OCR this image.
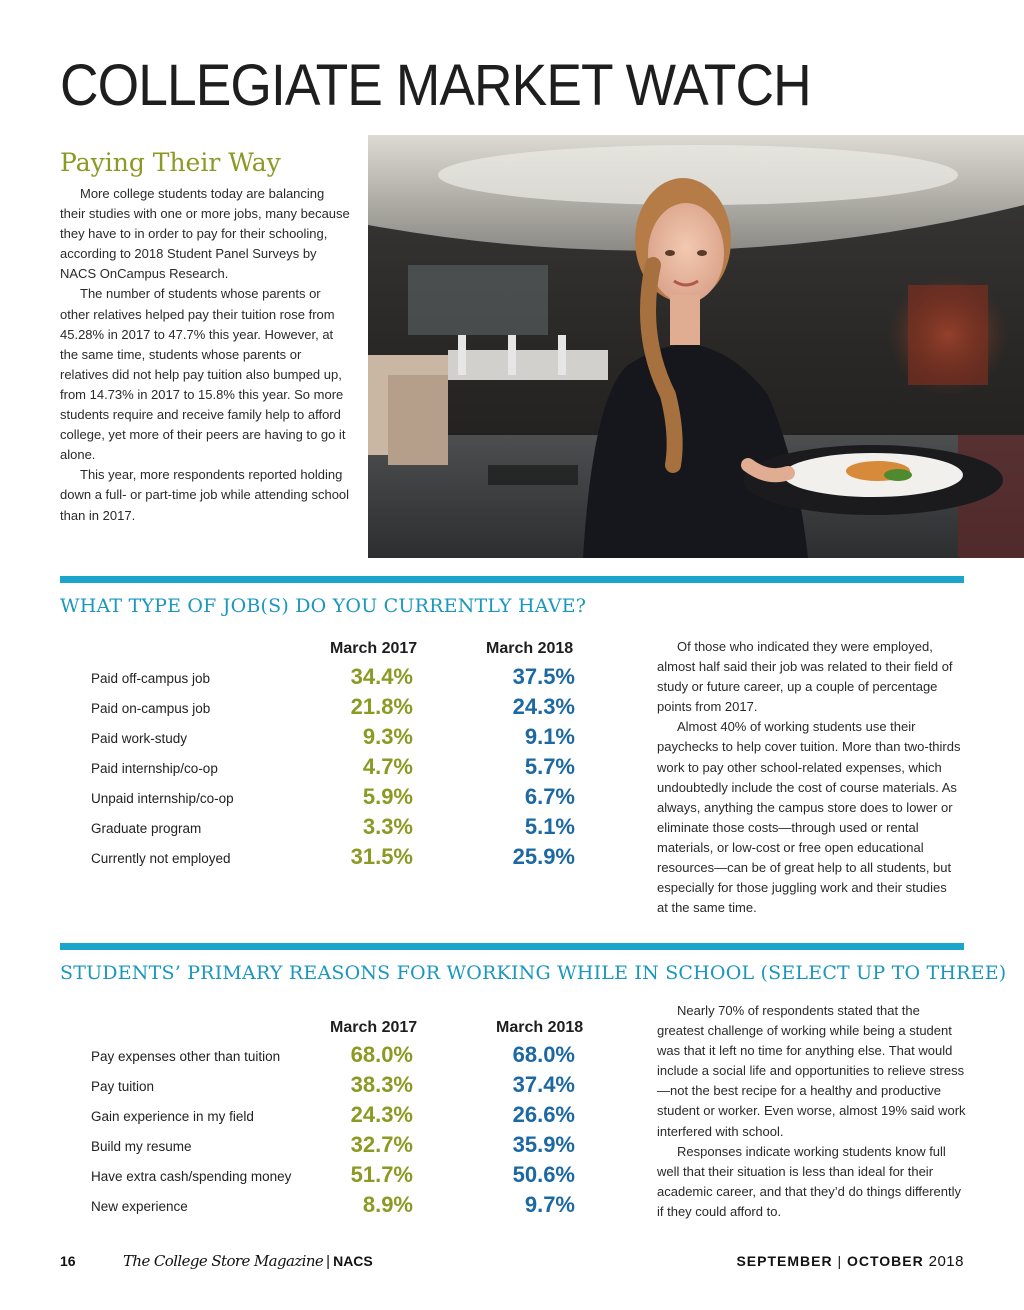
COLLEGIATE MARKET WATCH
Paying Their Way

More college students today are balancing their studies with one or more jobs, many because they have to in order to pay for their schooling, according to 2018 Student Panel Surveys by NACS OnCampus Research.

The number of students whose parents or other relatives helped pay their tuition rose from 45.28% in 2017 to 47.7% this year. However, at the same time, students whose parents or relatives did not help pay tuition also bumped up, from 14.73% in 2017 to 15.8% this year. So more students require and receive family help to afford college, yet more of their peers are having to go it alone.

This year, more respondents reported holding down a full- or part-time job while attending school than in 2017.

WHAT TYPE OF JOB(S) DO YOU CURRENTLY HAVE?
March 2017	March 2018
Paid off-campus job	34.4%	37.5%
Paid on-campus job	21.8%	24.3%
Paid work-study	9.3%	9.1%
Paid internship/co-op	4.7%	5.7%
Unpaid internship/co-op	5.9%	6.7%
Graduate program	3.3%	5.1%
Currently not employed	31.5%	25.9%

Of those who indicated they were employed, almost half said their job was related to their field of study or future career, up a couple of percentage points from 2017.

Almost 40% of working students use their paychecks to help cover tuition. More than two-thirds work to pay other school-related expenses, which undoubtedly include the cost of course materials. As always, anything the campus store does to lower or eliminate those costs—through used or rental materials, or low-cost or free open educational resources—can be of great help to all students, but especially for those juggling work and their studies at the same time.

STUDENTS’ PRIMARY REASONS FOR WORKING WHILE IN SCHOOL (SELECT UP TO THREE)
March 2017	March 2018
Pay expenses other than tuition	68.0%	68.0%
Pay tuition	38.3%	37.4%
Gain experience in my field	24.3%	26.6%
Build my resume	32.7%	35.9%
Have extra cash/spending money	51.7%	50.6%
New experience	8.9%	9.7%

Nearly 70% of respondents stated that the greatest challenge of working while being a student was that it left no time for anything else. That would include a social life and opportunities to relieve stress—not the best recipe for a healthy and productive student or worker. Even worse, almost 19% said work interfered with school.

Responses indicate working students know full well that their situation is less than ideal for their academic career, and that they’d do things differently if they could afford to.

16	The College Store Magazine | NACS	SEPTEMBER | OCTOBER 2018
